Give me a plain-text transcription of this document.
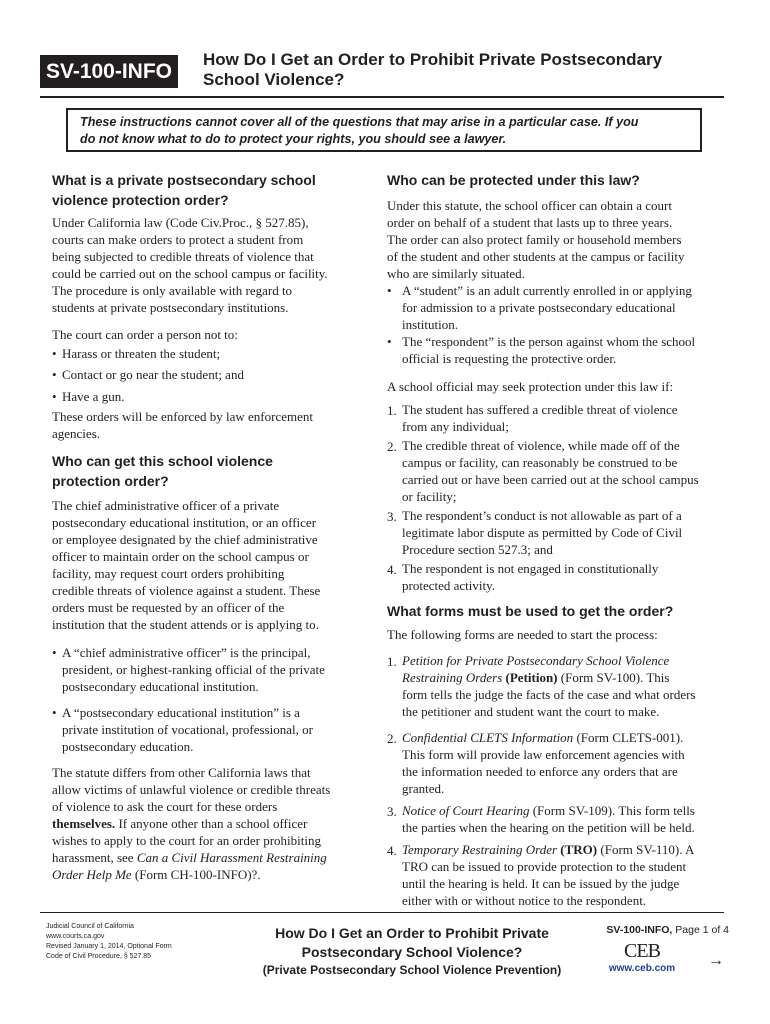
SV-100-INFO
How Do I Get an Order to Prohibit Private Postsecondary
School Violence?
These instructions cannot cover all of the questions that may arise in a particular case. If you
do not know what to do to protect your rights, you should see a lawyer.
What is a private postsecondary school
violence protection order?
Under California law (Code Civ.Proc., § 527.85),
courts can make orders to protect a student from
being subjected to credible threats of violence that
could be carried out on the school campus or facility.
The procedure is only available with regard to
students at private postsecondary institutions.
The court can order a person not to:
• Harass or threaten the student;
• Contact or go near the student; and
• Have a gun.
These orders will be enforced by law enforcement
agencies.
Who can get this school violence
protection order?
The chief administrative officer of a private
postsecondary educational institution, or an officer
or employee designated by the chief administrative
officer to maintain order on the school campus or
facility, may request court orders prohibiting
credible threats of violence against a student. These
orders must be requested by an officer of the
institution that the student attends or is applying to.
• A “chief administrative officer” is the principal,
president, or highest-ranking official of the private
postsecondary educational institution.
• A “postsecondary educational institution” is a
private institution of vocational, professional, or
postsecondary education.
The statute differs from other California laws that
allow victims of unlawful violence or credible threats
of violence to ask the court for these orders
themselves. If anyone other than a school officer
wishes to apply to the court for an order prohibiting
harassment, see Can a Civil Harassment Restraining
Order Help Me (Form CH-100-INFO)?.
Who can be protected under this law?
Under this statute, the school officer can obtain a court
order on behalf of a student that lasts up to three years.
The order can also protect family or household members
of the student and other students at the campus or facility
who are similarly situated.
• A “student” is an adult currently enrolled in or applying
for admission to a private postsecondary educational
institution.
• The “respondent” is the person against whom the school
official is requesting the protective order.
A school official may seek protection under this law if:
1. The student has suffered a credible threat of violence
from any individual;
2. The credible threat of violence, while made off of the
campus or facility, can reasonably be construed to be
carried out or have been carried out at the school campus
or facility;
3. The respondent’s conduct is not allowable as part of a
legitimate labor dispute as permitted by Code of Civil
Procedure section 527.3; and
4. The respondent is not engaged in constitutionally
protected activity.
What forms must be used to get the order?
The following forms are needed to start the process:
1. Petition for Private Postsecondary School Violence
Restraining Orders (Petition) (Form SV-100). This
form tells the judge the facts of the case and what orders
the petitioner and student want the court to make.
2. Confidential CLETS Information (Form CLETS-001).
This form will provide law enforcement agencies with
the information needed to enforce any orders that are
granted.
3. Notice of Court Hearing (Form SV-109). This form tells
the parties when the hearing on the petition will be held.
4. Temporary Restraining Order (TRO) (Form SV-110). A
TRO can be issued to provide protection to the student
until the hearing is held. It can be issued by the judge
either with or without notice to the respondent.
Judicial Council of California
www.courts.ca.gov
Revised January 1, 2014, Optional Form
Code of Civil Procedure, § 527.85
How Do I Get an Order to Prohibit Private
Postsecondary School Violence?
(Private Postsecondary School Violence Prevention)
SV-100-INFO, Page 1 of 4
CEB
www.ceb.com	→
